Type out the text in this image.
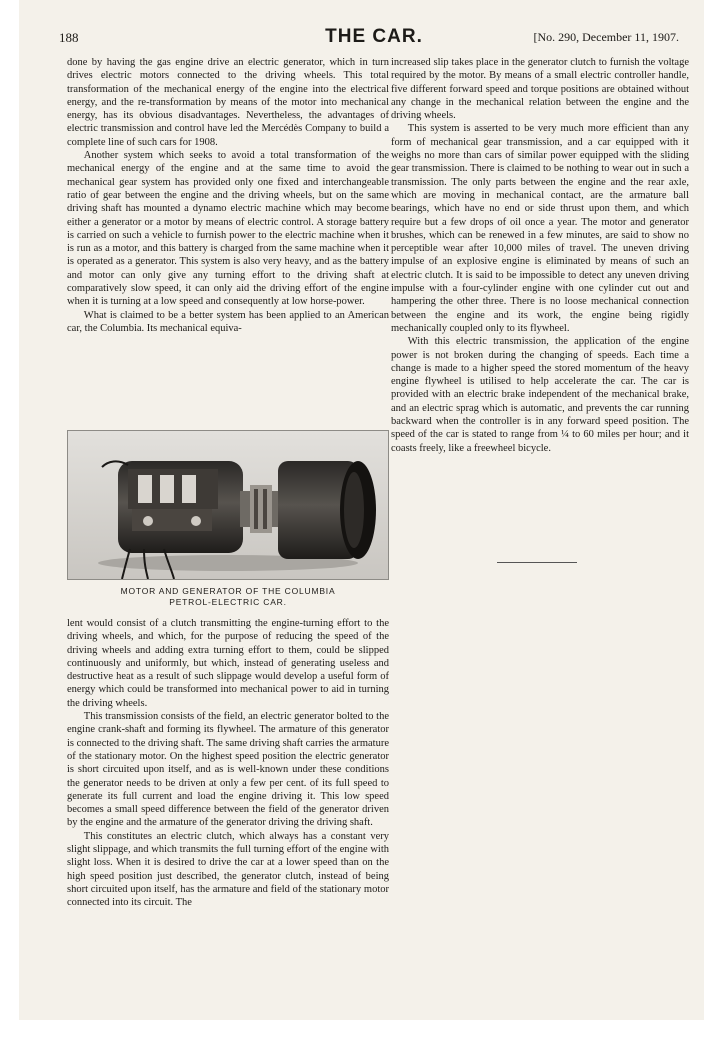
188	THE CAR.	[No. 290, December 11, 1907.

done by having the gas engine drive an electric generator, which in turn drives electric motors connected to the driving wheels. This total transformation of the mechanical energy of the engine into the electrical energy, and the re-transformation by means of the motor into mechanical energy, has its obvious disadvantages. Nevertheless, the advantages of electric transmission and control have led the Mercédès Company to build a complete line of such cars for 1908.

Another system which seeks to avoid a total transformation of the mechanical energy of the engine and at the same time to avoid the mechanical gear system has provided only one fixed and interchangeable ratio of gear between the engine and the driving wheels, but on the same driving shaft has mounted a dynamo electric machine which may become either a generator or a motor by means of electric control. A storage battery is carried on such a vehicle to furnish power to the electric machine when it is run as a motor, and this battery is charged from the same machine when it is operated as a generator. This system is also very heavy, and as the battery and motor can only give any turning effort to the driving shaft at comparatively slow speed, it can only aid the driving effort of the engine when it is turning at a low speed and consequently at low horse-power.

What is claimed to be a better system has been applied to an American car, the Columbia. Its mechanical equiva-

MOTOR AND GENERATOR OF THE COLUMBIA
PETROL-ELECTRIC CAR.

lent would consist of a clutch transmitting the engine-turning effort to the driving wheels, and which, for the purpose of reducing the speed of the driving wheels and adding extra turning effort to them, could be slipped continuously and uniformly, but which, instead of generating useless and destructive heat as a result of such slippage would develop a useful form of energy which could be transformed into mechanical power to aid in turning the driving wheels.

This transmission consists of the field, an electric generator bolted to the engine crank-shaft and forming its flywheel. The armature of this generator is connected to the driving shaft. The same driving shaft carries the armature of the stationary motor. On the highest speed position the electric generator is short circuited upon itself, and as is well-known under these conditions the generator needs to be driven at only a few per cent. of its full speed to generate its full current and load the engine driving it. This low speed becomes a small speed difference between the field of the generator driven by the engine and the armature of the generator driving the driving shaft.

This constitutes an electric clutch, which always has a constant very slight slippage, and which transmits the full turning effort of the engine with slight loss. When it is desired to drive the car at a lower speed than on the high speed position just described, the generator clutch, instead of being short circuited upon itself, has the armature and field of the stationary motor connected into its circuit. The

increased slip takes place in the generator clutch to furnish the voltage required by the motor. By means of a small electric controller handle, five different forward speed and torque positions are obtained without any change in the mechanical relation between the engine and the driving wheels.

This system is asserted to be very much more efficient than any form of mechanical gear transmission, and a car equipped with it weighs no more than cars of similar power equipped with the sliding gear transmission. There is claimed to be nothing to wear out in such a transmission. The only parts between the engine and the rear axle, which are moving in mechanical contact, are the armature ball bearings, which have no end or side thrust upon them, and which require but a few drops of oil once a year. The motor and generator brushes, which can be renewed in a few minutes, are said to show no perceptible wear after 10,000 miles of travel. The uneven driving impulse of an explosive engine is eliminated by means of such an electric clutch. It is said to be impossible to detect any uneven driving impulse with a four-cylinder engine with one cylinder cut out and hampering the other three. There is no loose mechanical connection between the engine and its work, the engine being rigidly mechanically coupled only to its flywheel.

With this electric transmission, the application of the engine power is not broken during the changing of speeds. Each time a change is made to a higher speed the stored momentum of the heavy engine flywheel is utilised to help accelerate the car. The car is provided with an electric brake independent of the mechanical brake, and an electric sprag which is automatic, and prevents the car running backward when the controller is in any forward speed position. The speed of the car is stated to range from ¼ to 60 miles per hour; and it coasts freely, like a freewheel bicycle.
